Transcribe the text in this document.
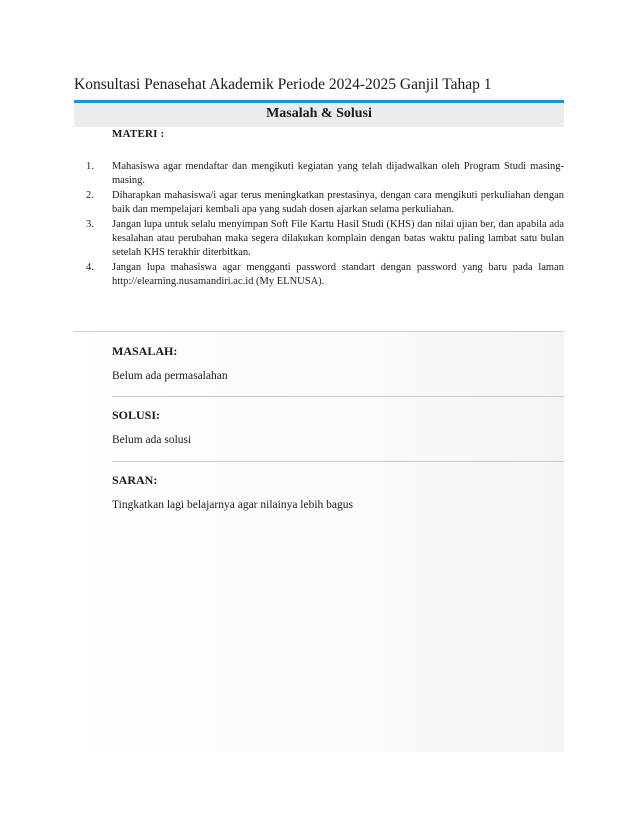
Konsultasi Penasehat Akademik Periode 2024-2025 Ganjil Tahap 1
Masalah & Solusi
MATERI :
1.	Mahasiswa agar mendaftar dan mengikuti kegiatan yang telah dijadwalkan oleh Program Studi masing-masing.
2.	Diharapkan mahasiswa/i agar terus meningkatkan prestasinya, dengan cara mengikuti perkuliahan dengan baik dan mempelajari kembali apa yang sudah dosen ajarkan selama perkuliahan.
3.	Jangan lupa untuk selalu menyimpan Soft File Kartu Hasil Studi (KHS) dan nilai ujian ber, dan apabila ada kesalahan atau perubahan maka segera dilakukan komplain dengan batas waktu paling lambat satu bulan setelah KHS terakhir diterbitkan.
4.	Jangan lupa mahasiswa agar mengganti password standart dengan password yang baru pada laman http://elearning.nusamandiri.ac.id (My ELNUSA).
MASALAH:
Belum ada permasalahan
SOLUSI:
Belum ada solusi
SARAN:
Tingkatkan lagi belajarnya agar nilainya lebih bagus
